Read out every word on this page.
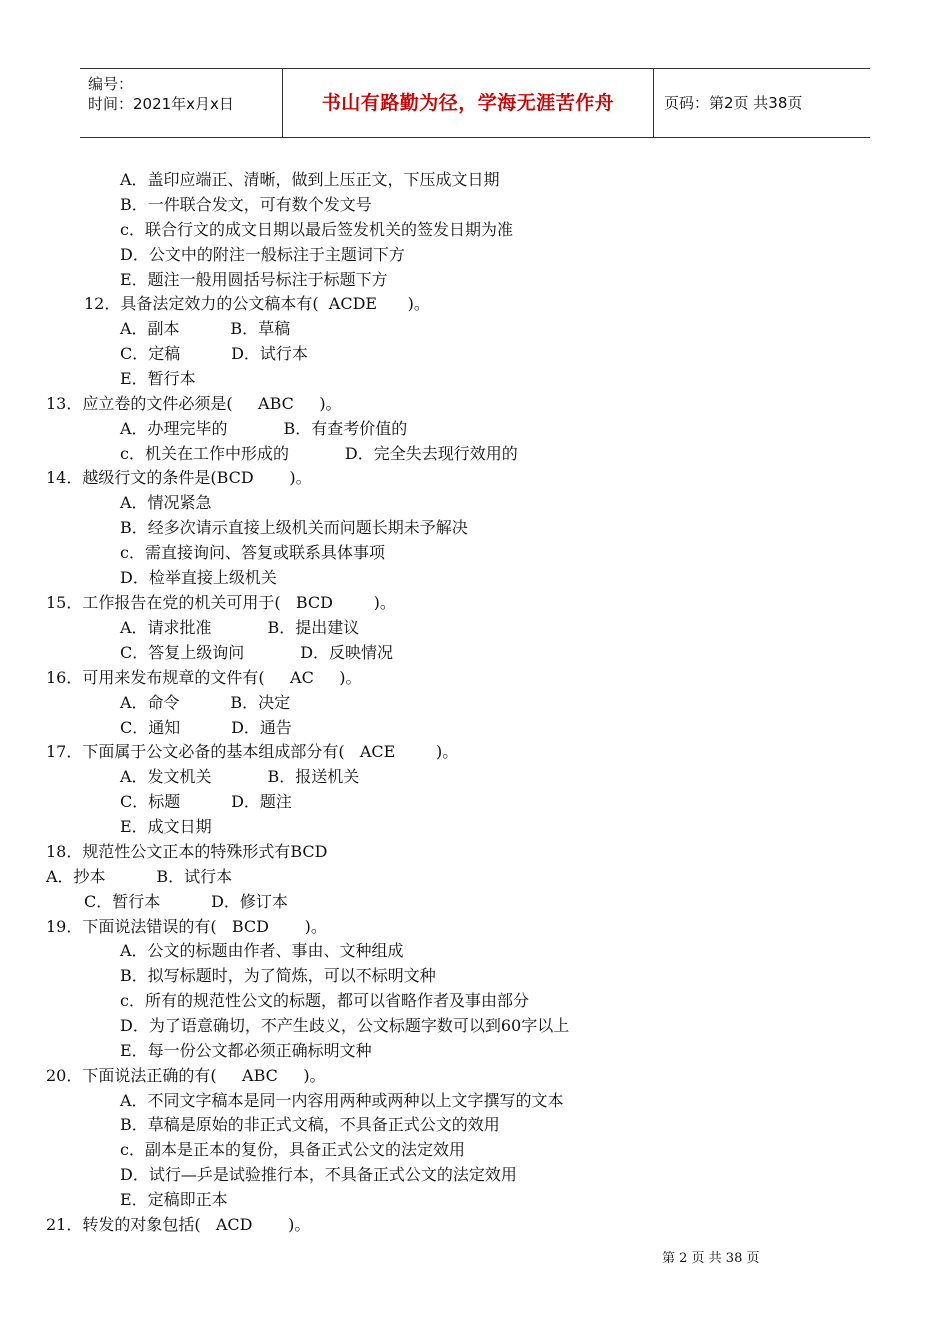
编号：
时间：2021年x月x日	书山有路勤为径，学海无涯苦作舟	页码：第2页 共38页
A．盖印应端正、清晰，做到上压正文，下压成文日期
B．一件联合发文，可有数个发文号
c．联合行文的成文日期以最后签发机关的签发日期为准
D．公文中的附注一般标注于主题词下方
E．题注一般用圆括号标注于标题下方
12．具备法定效力的公文稿本有(  ACDE      )。
A．副本          B．草稿
C．定稿          D．试行本
E．暂行本
13．应立卷的文件必须是(     ABC     )。
A．办理完毕的           B．有查考价值的
c．机关在工作中形成的           D．完全失去现行效用的
14．越级行文的条件是(BCD       )。
A．情况紧急
B．经多次请示直接上级机关而问题长期未予解决
c．需直接询问、答复或联系具体事项
D．检举直接上级机关
15．工作报告在党的机关可用于(   BCD        )。
A．请求批准           B．提出建议
C．答复上级询问           D．反映情况
16．可用来发布规章的文件有(     AC     )。
A．命令          B．决定
C．通知          D．通告
17．下面属于公文必备的基本组成部分有(   ACE        )。
A．发文机关           B．报送机关
C．标题          D．题注
E．成文日期
18．规范性公文正本的特殊形式有BCD
A．抄本          B．试行本
C．暂行本          D．修订本
19．下面说法错误的有(   BCD       )。
A．公文的标题由作者、事由、文种组成
B．拟写标题时，为了简炼，可以不标明文种
c．所有的规范性公文的标题，都可以省略作者及事由部分
D．为了语意确切，不产生歧义，公文标题字数可以到60字以上
E．每一份公文都必须正确标明文种
20．下面说法正确的有(     ABC     )。
A．不同文字稿本是同一内容用两种或两种以上文字撰写的文本
B．草稿是原始的非正式文稿，不具备正式公文的效用
c．副本是正本的复份，具备正式公文的法定效用
D．试行—乒是试验推行本，不具备正式公文的法定效用
E．定稿即正本
21．转发的对象包括(   ACD       )。
第 2 页 共 38 页
